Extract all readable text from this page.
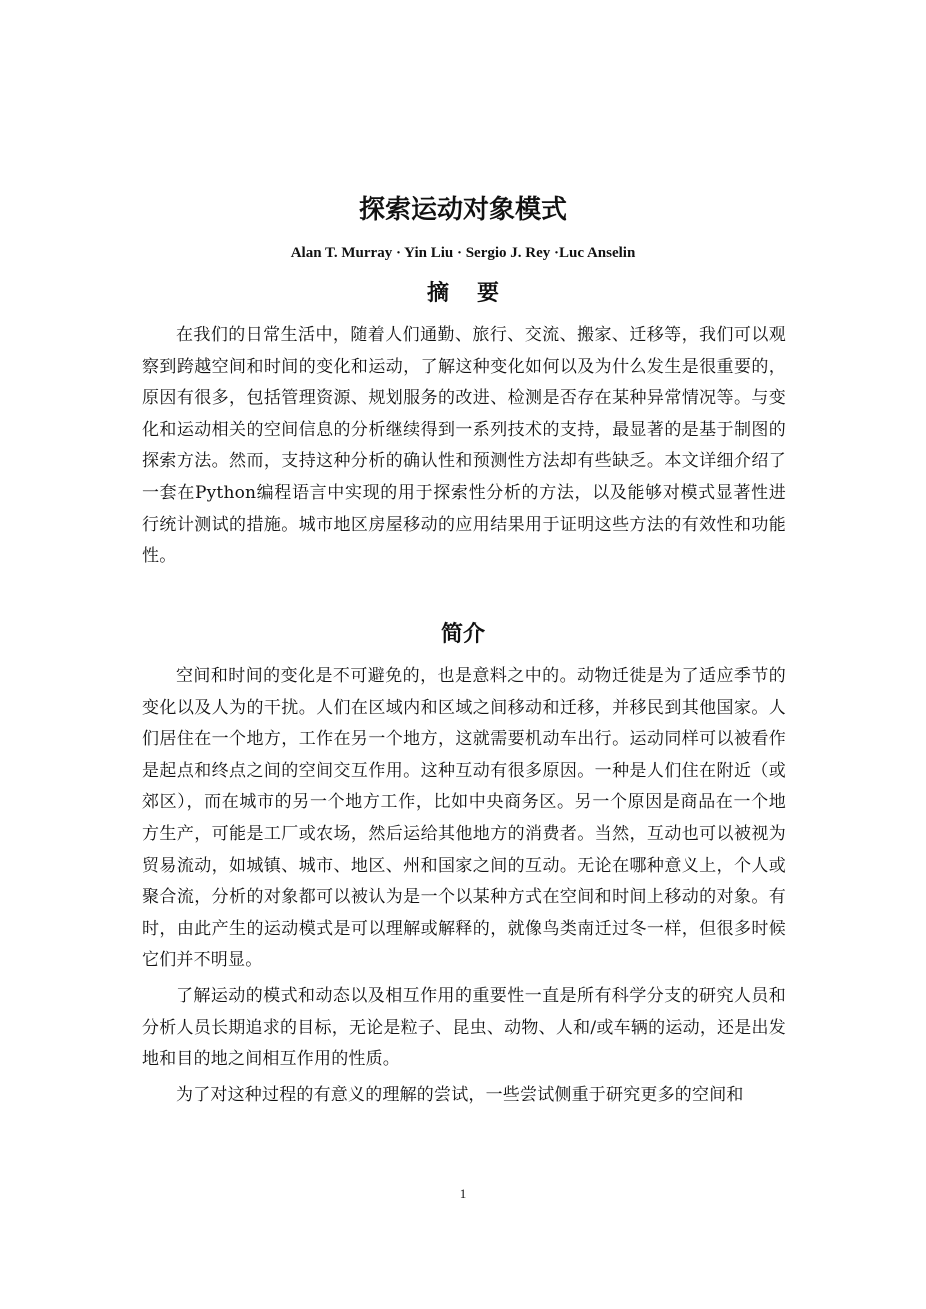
探索运动对象模式
Alan T. Murray · Yin Liu · Sergio J. Rey ·Luc Anselin
摘要

在我们的日常生活中，随着人们通勤、旅行、交流、搬家、迁移等，我们可以观察到跨越空间和时间的变化和运动，了解这种变化如何以及为什么发生是很重要的，原因有很多，包括管理资源、规划服务的改进、检测是否存在某种异常情况等。与变化和运动相关的空间信息的分析继续得到一系列技术的支持，最显著的是基于制图的探索方法。然而，支持这种分析的确认性和预测性方法却有些缺乏。本文详细介绍了一套在Python编程语言中实现的用于探索性分析的方法，以及能够对模式显著性进行统计测试的措施。城市地区房屋移动的应用结果用于证明这些方法的有效性和功能性。

简介

空间和时间的变化是不可避免的，也是意料之中的。动物迁徙是为了适应季节的变化以及人为的干扰。人们在区域内和区域之间移动和迁移，并移民到其他国家。人们居住在一个地方，工作在另一个地方，这就需要机动车出行。运动同样可以被看作是起点和终点之间的空间交互作用。这种互动有很多原因。一种是人们住在附近（或郊区），而在城市的另一个地方工作，比如中央商务区。另一个原因是商品在一个地方生产，可能是工厂或农场，然后运给其他地方的消费者。当然，互动也可以被视为贸易流动，如城镇、城市、地区、州和国家之间的互动。无论在哪种意义上，个人或聚合流，分析的对象都可以被认为是一个以某种方式在空间和时间上移动的对象。有时，由此产生的运动模式是可以理解或解释的，就像鸟类南迁过冬一样，但很多时候它们并不明显。

了解运动的模式和动态以及相互作用的重要性一直是所有科学分支的研究人员和分析人员长期追求的目标，无论是粒子、昆虫、动物、人和/或车辆的运动，还是出发地和目的地之间相互作用的性质。

为了对这种过程的有意义的理解的尝试，一些尝试侧重于研究更多的空间和

1
